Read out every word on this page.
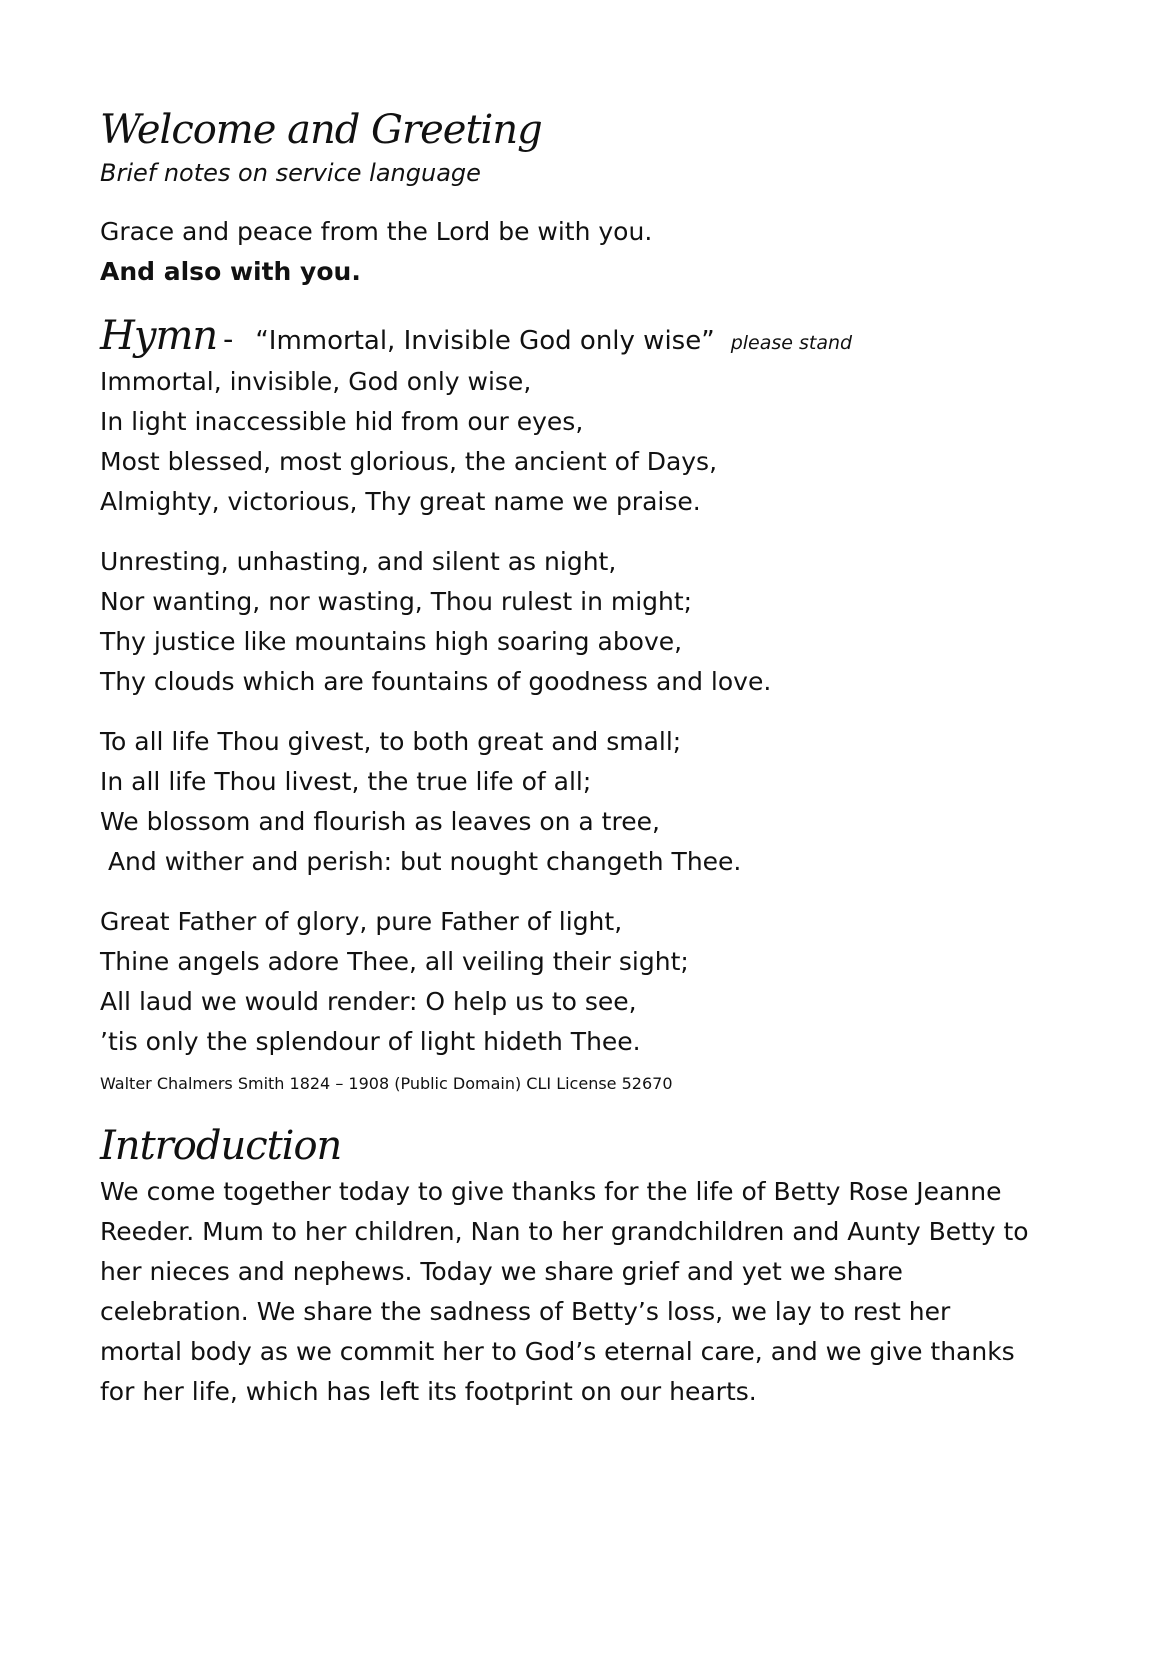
Welcome and Greeting
Brief notes on service language
Grace and peace from the Lord be with you.
And also with you.
Hymn - “Immortal, Invisible God only wise” please stand
Immortal, invisible, God only wise,
In light inaccessible hid from our eyes,
Most blessed, most glorious, the ancient of Days,
Almighty, victorious, Thy great name we praise.
Unresting, unhasting, and silent as night,
Nor wanting, nor wasting, Thou rulest in might;
Thy justice like mountains high soaring above,
Thy clouds which are fountains of goodness and love.
To all life Thou givest, to both great and small;
In all life Thou livest, the true life of all;
We blossom and flourish as leaves on a tree,
And wither and perish: but nought changeth Thee.
Great Father of glory, pure Father of light,
Thine angels adore Thee, all veiling their sight;
All laud we would render: O help us to see,
’tis only the splendour of light hideth Thee.
Walter Chalmers Smith 1824 – 1908 (Public Domain) CLI License 52670
Introduction
We come together today to give thanks for the life of Betty Rose Jeanne Reeder. Mum to her children, Nan to her grandchildren and Aunty Betty to her nieces and nephews. Today we share grief and yet we share celebration. We share the sadness of Betty’s loss, we lay to rest her mortal body as we commit her to God’s eternal care, and we give thanks for her life, which has left its footprint on our hearts.
